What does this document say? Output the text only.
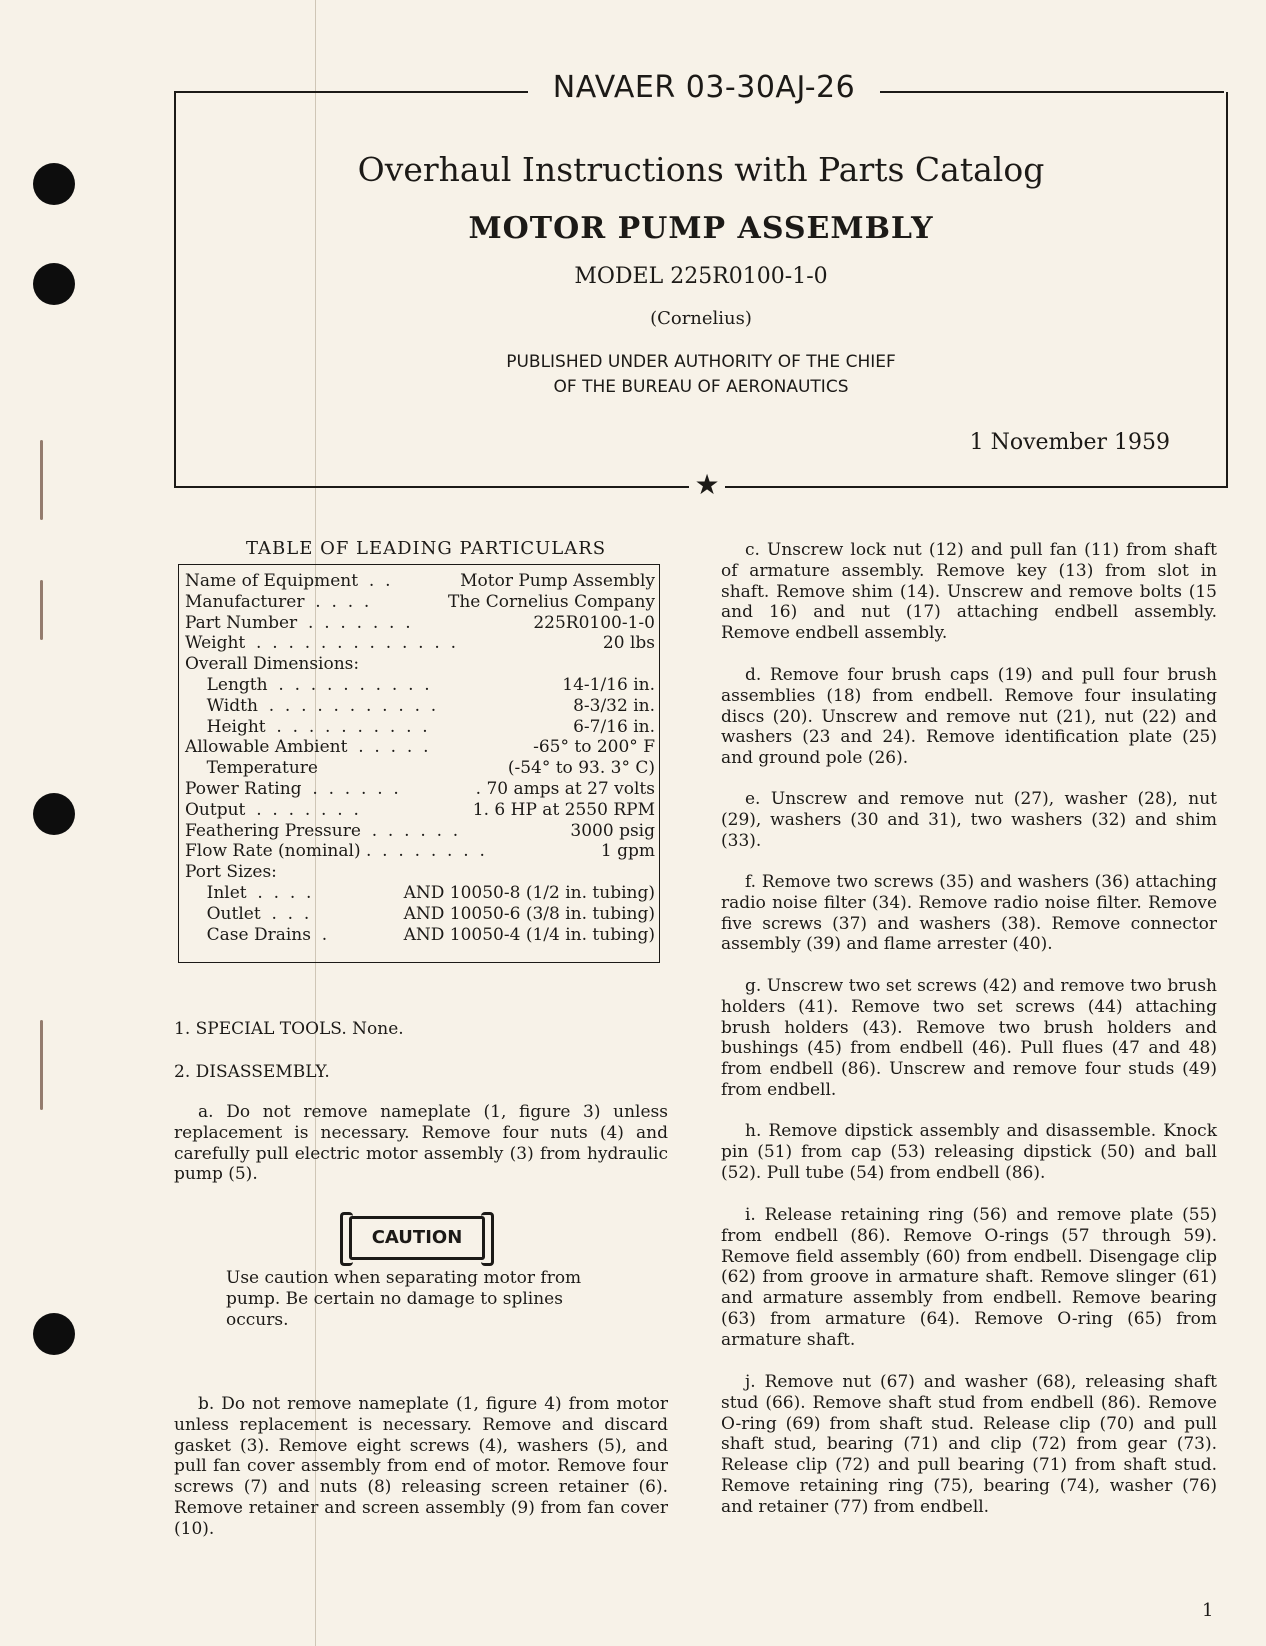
NAVAER 03-30AJ-26
Overhaul Instructions with Parts Catalog
MOTOR PUMP ASSEMBLY
MODEL 225R0100-1-0
(Cornelius)
PUBLISHED UNDER AUTHORITY OF THE CHIEF
OF THE BUREAU OF AERONAUTICS
1 November 1959
★
TABLE OF LEADING PARTICULARS
Name of Equipment  .  .	Motor Pump Assembly
Manufacturer  .  .  .  .	The Cornelius Company
Part Number  .  .  .  .  .  .  .	225R0100-1-0
Weight  .  .  .  .  .  .  .  .  .  .  .  .  .	20 lbs
Overall Dimensions:
Length  .  .  .  .  .  .  .  .  .  .	14-1/16 in.
Width  .  .  .  .  .  .  .  .  .  .  .	8-3/32 in.
Height  .  .  .  .  .  .  .  .  .  .	6-7/16 in.
Allowable Ambient  .  .  .  .  .	-65° to 200° F
Temperature	(-54° to 93. 3° C)
Power Rating  .  .  .  .  .  .	. 70 amps at 27 volts
Output  .  .  .  .  .  .  .	1. 6 HP at 2550 RPM
Feathering Pressure  .  .  .  .  .  .	3000 psig
Flow Rate (nominal) .  .  .  .  .  .  .  .	1 gpm
Port Sizes:
Inlet  .  .  .  .	AND 10050-8 (1/2 in. tubing)
Outlet  .  .  .	AND 10050-6 (3/8 in. tubing)
Case Drains  .	AND 10050-4 (1/4 in. tubing)
1. SPECIAL TOOLS. None.
2. DISASSEMBLY.
a. Do not remove nameplate (1, figure 3) unless replacement is necessary. Remove four nuts (4) and carefully pull electric motor assembly (3) from hydraulic pump (5).
CAUTION
Use caution when separating motor from pump. Be certain no damage to splines occurs.
b. Do not remove nameplate (1, figure 4) from motor unless replacement is necessary. Remove and discard gasket (3). Remove eight screws (4), washers (5), and pull fan cover assembly from end of motor. Remove four screws (7) and nuts (8) releasing screen retainer (6). Remove retainer and screen assembly (9) from fan cover (10).
c. Unscrew lock nut (12) and pull fan (11) from shaft of armature assembly. Remove key (13) from slot in shaft. Remove shim (14). Unscrew and remove bolts (15 and 16) and nut (17) attaching endbell assembly. Remove endbell assembly.
d. Remove four brush caps (19) and pull four brush assemblies (18) from endbell. Remove four insulating discs (20). Unscrew and remove nut (21), nut (22) and washers (23 and 24). Remove identification plate (25) and ground pole (26).
e. Unscrew and remove nut (27), washer (28), nut (29), washers (30 and 31), two washers (32) and shim (33).
f. Remove two screws (35) and washers (36) attaching radio noise filter (34). Remove radio noise filter. Remove five screws (37) and washers (38). Remove connector assembly (39) and flame arrester (40).
g. Unscrew two set screws (42) and remove two brush holders (41). Remove two set screws (44) attaching brush holders (43). Remove two brush holders and bushings (45) from endbell (46). Pull flues (47 and 48) from endbell (86). Unscrew and remove four studs (49) from endbell.
h. Remove dipstick assembly and disassemble. Knock pin (51) from cap (53) releasing dipstick (50) and ball (52). Pull tube (54) from endbell (86).
i. Release retaining ring (56) and remove plate (55) from endbell (86). Remove O-rings (57 through 59). Remove field assembly (60) from endbell. Disengage clip (62) from groove in armature shaft. Remove slinger (61) and armature assembly from endbell. Remove bearing (63) from armature (64). Remove O-ring (65) from armature shaft.
j. Remove nut (67) and washer (68), releasing shaft stud (66). Remove shaft stud from endbell (86). Remove O-ring (69) from shaft stud. Release clip (70) and pull shaft stud, bearing (71) and clip (72) from gear (73). Release clip (72) and pull bearing (71) from shaft stud. Remove retaining ring (75), bearing (74), washer (76) and retainer (77) from endbell.
1
